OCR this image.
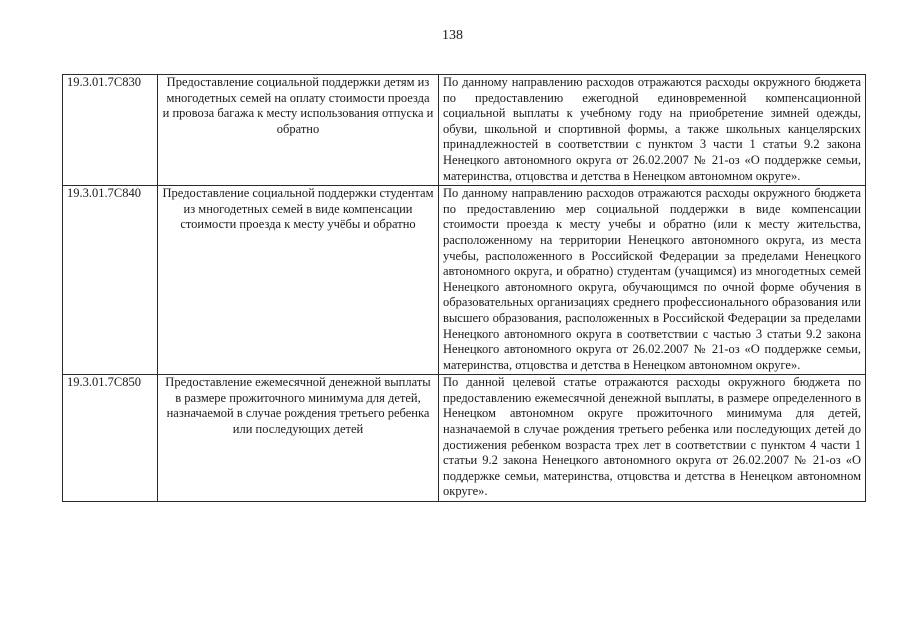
138
19.3.01.7С830	Предоставление социальной поддержки детям из многодетных семей на оплату стоимости проезда и провоза багажа к месту использования отпуска и обратно	По данному направлению расходов отражаются расходы окружного бюджета по предоставлению ежегодной единовременной компенсационной социальной выплаты к учебному году на приобретение зимней одежды, обуви, школьной и спортивной формы, а также школьных канцелярских принадлежностей в соответствии с пунктом 3 части 1 статьи 9.2 закона Ненецкого автономного округа от 26.02.2007 № 21-оз «О поддержке семьи, материнства, отцовства и детства в Ненецком автономном округе».
19.3.01.7С840	Предоставление социальной поддержки студентам из многодетных семей в виде компенсации стоимости проезда к месту учёбы и обратно	По данному направлению расходов отражаются расходы окружного бюджета по предоставлению мер социальной поддержки в виде компенсации стоимости проезда к месту учебы и обратно (или к месту жительства, расположенному на территории Ненецкого автономного округа, из места учебы, расположенного в Российской Федерации за пределами Ненецкого автономного округа, и обратно) студентам (учащимся) из многодетных семей Ненецкого автономного округа, обучающимся по очной форме обучения в образовательных организациях среднего профессионального образования или высшего образования, расположенных в Российской Федерации за пределами Ненецкого автономного округа в соответствии с частью 3 статьи 9.2 закона Ненецкого автономного округа от 26.02.2007 № 21-оз «О поддержке семьи, материнства, отцовства и детства в Ненецком автономном округе».
19.3.01.7С850	Предоставление ежемесячной денежной выплаты в размере прожиточного минимума для детей, назначаемой в случае рождения третьего ребенка или последующих детей	По данной целевой статье отражаются расходы окружного бюджета по предоставлению ежемесячной денежной выплаты, в размере определенного в Ненецком автономном округе прожиточного минимума для детей, назначаемой в случае рождения третьего ребенка или последующих детей до достижения ребенком возраста трех лет в соответствии с пунктом 4 части 1 статьи 9.2 закона Ненецкого автономного округа от 26.02.2007 № 21-оз «О поддержке семьи, материнства, отцовства и детства в Ненецком автономном округе».
